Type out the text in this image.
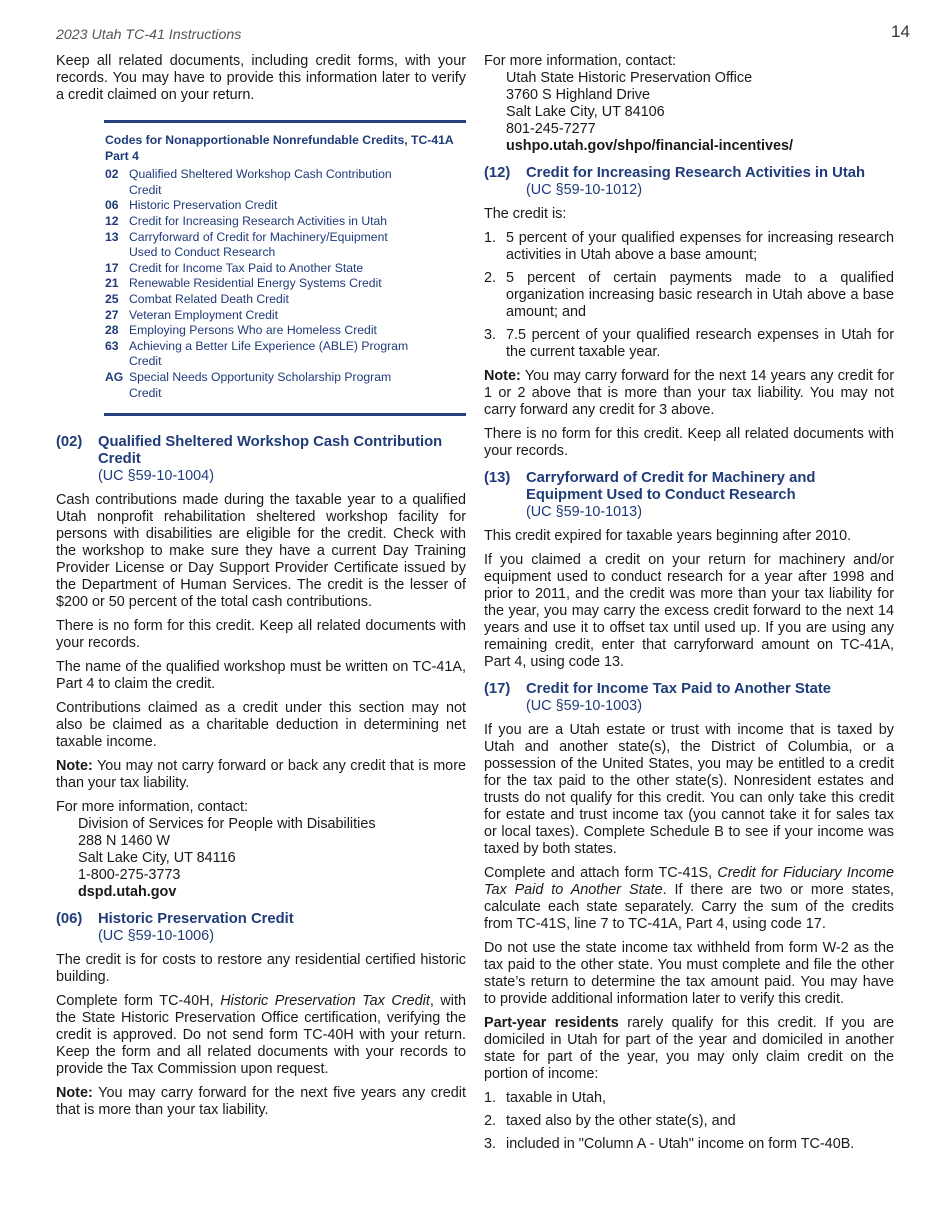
2023 Utah TC-41 Instructions	14

Keep all related documents, including credit forms, with your records. You may have to provide this information later to verify a credit claimed on your return.

Codes for Nonapportionable Nonrefundable Credits, TC-41A Part 4
02 Qualified Sheltered Workshop Cash Contribution Credit
06 Historic Preservation Credit
12 Credit for Increasing Research Activities in Utah
13 Carryforward of Credit for Machinery/Equipment Used to Conduct Research
17 Credit for Income Tax Paid to Another State
21 Renewable Residential Energy Systems Credit
25 Combat Related Death Credit
27 Veteran Employment Credit
28 Employing Persons Who are Homeless Credit
63 Achieving a Better Life Experience (ABLE) Program Credit
AG Special Needs Opportunity Scholarship Program Credit
(02)	Qualified Sheltered Workshop Cash Contribution Credit
(UC §59-10-1004)

Cash contributions made during the taxable year to a qualified Utah nonprofit rehabilitation sheltered workshop facility for persons with disabilities are eligible for the credit. Check with the workshop to make sure they have a current Day Training Provider License or Day Support Provider Certificate issued by the Department of Human Services. The credit is the lesser of $200 or 50 percent of the total cash contributions.

There is no form for this credit. Keep all related documents with your records.

The name of the qualified workshop must be written on TC-41A, Part 4 to claim the credit.

Contributions claimed as a credit under this section may not also be claimed as a charitable deduction in determining net taxable income.

Note: You may not carry forward or back any credit that is more than your tax liability.

For more information, contact:
Division of Services for People with Disabilities
288 N 1460 W
Salt Lake City, UT 84116
1-800-275-3773
dspd.utah.gov
(06)	Historic Preservation Credit
(UC §59-10-1006)

The credit is for costs to restore any residential certified historic building.

Complete form TC-40H, Historic Preservation Tax Credit, with the State Historic Preservation Office certification, verifying the credit is approved. Do not send form TC-40H with your return. Keep the form and all related documents with your records to provide the Tax Commission upon request.

Note: You may carry forward for the next five years any credit that is more than your tax liability.

For more information, contact:
Utah State Historic Preservation Office
3760 S Highland Drive
Salt Lake City, UT 84106
801-245-7277
ushpo.utah.gov/shpo/financial-incentives/
(12)	Credit for Increasing Research Activities in Utah
(UC §59-10-1012)

The credit is:

1. 5 percent of your qualified expenses for increasing research activities in Utah above a base amount;
2. 5 percent of certain payments made to a qualified organization increasing basic research in Utah above a base amount; and
3. 7.5 percent of your qualified research expenses in Utah for the current taxable year.

Note: You may carry forward for the next 14 years any credit for 1 or 2 above that is more than your tax liability. You may not carry forward any credit for 3 above.

There is no form for this credit. Keep all related documents with your records.

(13)	Carryforward of Credit for Machinery and Equipment Used to Conduct Research
(UC §59-10-1013)

This credit expired for taxable years beginning after 2010.

If you claimed a credit on your return for machinery and/or equipment used to conduct research for a year after 1998 and prior to 2011, and the credit was more than your tax liability for the year, you may carry the excess credit forward to the next 14 years and use it to offset tax until used up. If you are using any remaining credit, enter that carryforward amount on TC-41A, Part 4, using code 13.

(17)	Credit for Income Tax Paid to Another State
(UC §59-10-1003)

If you are a Utah estate or trust with income that is taxed by Utah and another state(s), the District of Columbia, or a possession of the United States, you may be entitled to a credit for the tax paid to the other state(s). Nonresident estates and trusts do not qualify for this credit. You can only take this credit for estate and trust income tax (you cannot take it for sales tax or local taxes). Complete Schedule B to see if your income was taxed by both states.

Complete and attach form TC-41S, Credit for Fiduciary Income Tax Paid to Another State. If there are two or more states, calculate each state separately. Carry the sum of the credits from TC-41S, line 7 to TC-41A, Part 4, using code 17.

Do not use the state income tax withheld from form W-2 as the tax paid to the other state. You must complete and file the other state’s return to determine the tax amount paid. You may have to provide additional information later to verify this credit.

Part-year residents rarely qualify for this credit. If you are domiciled in Utah for part of the year and domiciled in another state for part of the year, you may only claim credit on the portion of income:

1. taxable in Utah,
2. taxed also by the other state(s), and
3. included in "Column A - Utah" income on form TC-40B.
